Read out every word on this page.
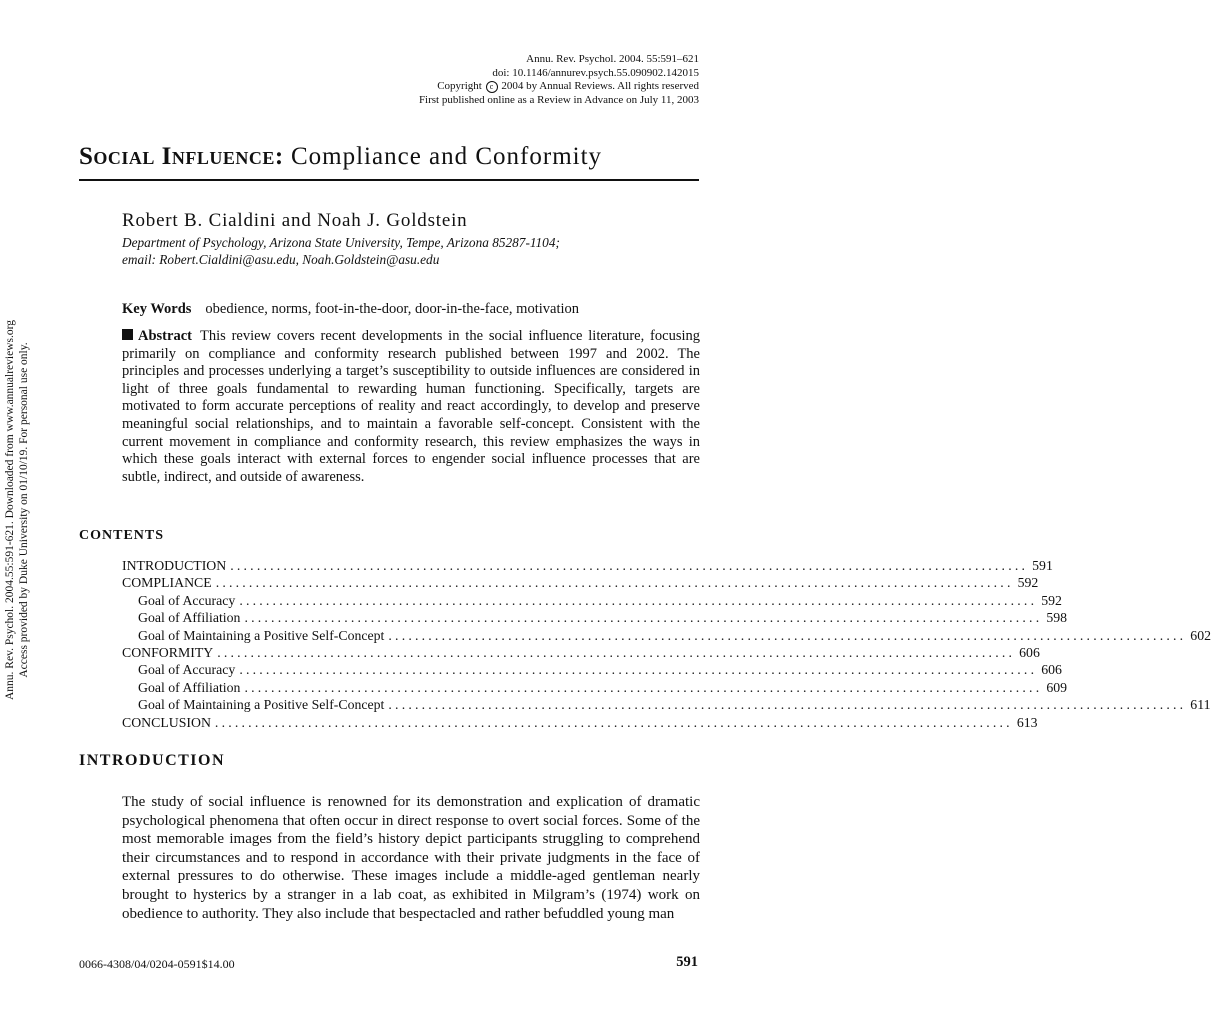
Annu. Rev. Psychol. 2004. 55:591–621
doi: 10.1146/annurev.psych.55.090902.142015
Copyright c 2004 by Annual Reviews. All rights reserved
First published online as a Review in Advance on July 11, 2003
Social Influence: Compliance and Conformity
Robert B. Cialdini and Noah J. Goldstein
Department of Psychology, Arizona State University, Tempe, Arizona 85287-1104;
email: Robert.Cialdini@asu.edu, Noah.Goldstein@asu.edu
Annu. Rev. Psychol. 2004.55:591-621. Downloaded from www.annualreviews.org Access provided by Duke University on 01/10/19. For personal use only.
Key Words obedience, norms, foot-in-the-door, door-in-the-face, motivation
Abstract This review covers recent developments in the social influence literature, focusing primarily on compliance and conformity research published between 1997 and 2002. The principles and processes underlying a target’s susceptibility to outside influences are considered in light of three goals fundamental to rewarding human functioning. Specifically, targets are motivated to form accurate perceptions of reality and react accordingly, to develop and preserve meaningful social relationships, and to maintain a favorable self-concept. Consistent with the current movement in compliance and conformity research, this review emphasizes the ways in which these goals interact with external forces to engender social influence processes that are subtle, indirect, and outside of awareness.
CONTENTS
INTRODUCTION ........................................................................................................................ 591
COMPLIANCE ........................................................................................................................ 592
Goal of Accuracy ........................................................................................................................ 592
Goal of Affiliation ........................................................................................................................ 598
Goal of Maintaining a Positive Self-Concept ........................................................................................................................ 602
CONFORMITY ........................................................................................................................ 606
Goal of Accuracy ........................................................................................................................ 606
Goal of Affiliation ........................................................................................................................ 609
Goal of Maintaining a Positive Self-Concept ........................................................................................................................ 611
CONCLUSION ........................................................................................................................ 613
INTRODUCTION
The study of social influence is renowned for its demonstration and explication of dramatic psychological phenomena that often occur in direct response to overt social forces. Some of the most memorable images from the field’s history depict participants struggling to comprehend their circumstances and to respond in accordance with their private judgments in the face of external pressures to do otherwise. These images include a middle-aged gentleman nearly brought to hysterics by a stranger in a lab coat, as exhibited in Milgram’s (1974) work on obedience to authority. They also include that bespectacled and rather befuddled young man
0066-4308/04/0204-0591$14.00	591
